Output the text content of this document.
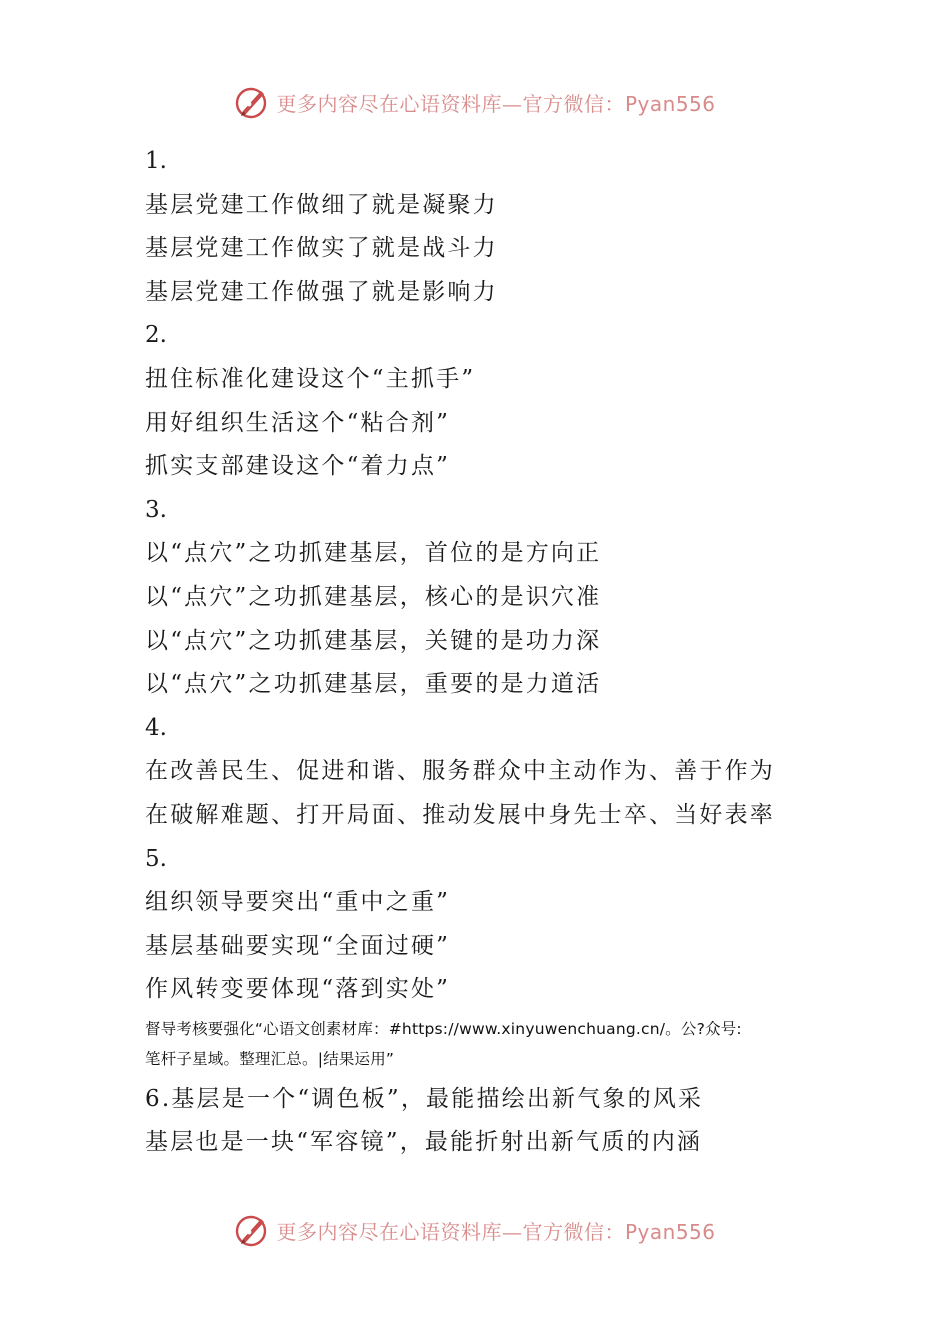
更多内容尽在心语资料库—官方微信：Pyan556
1.
基层党建工作做细了就是凝聚力
基层党建工作做实了就是战斗力
基层党建工作做强了就是影响力
2.
扭住标准化建设这个“主抓手”
用好组织生活这个“粘合剂”
抓实支部建设这个“着力点”
3.
以“点穴”之功抓建基层，首位的是方向正
以“点穴”之功抓建基层，核心的是识穴准
以“点穴”之功抓建基层，关键的是功力深
以“点穴”之功抓建基层，重要的是力道活
4.
在改善民生、促进和谐、服务群众中主动作为、善于作为
在破解难题、打开局面、推动发展中身先士卒、当好表率
5.
组织领导要突出“重中之重”
基层基础要实现“全面过硬”
作风转变要体现“落到实处”
督导考核要强化“心语文创素材库：#https://www.xinyuwenchuang.cn/。公?众号:
笔杆子星域。整理汇总。|结果运用”
6.基层是一个“调色板”，最能描绘出新气象的风采
基层也是一块“军容镜”，最能折射出新气质的内涵
更多内容尽在心语资料库—官方微信：Pyan556
